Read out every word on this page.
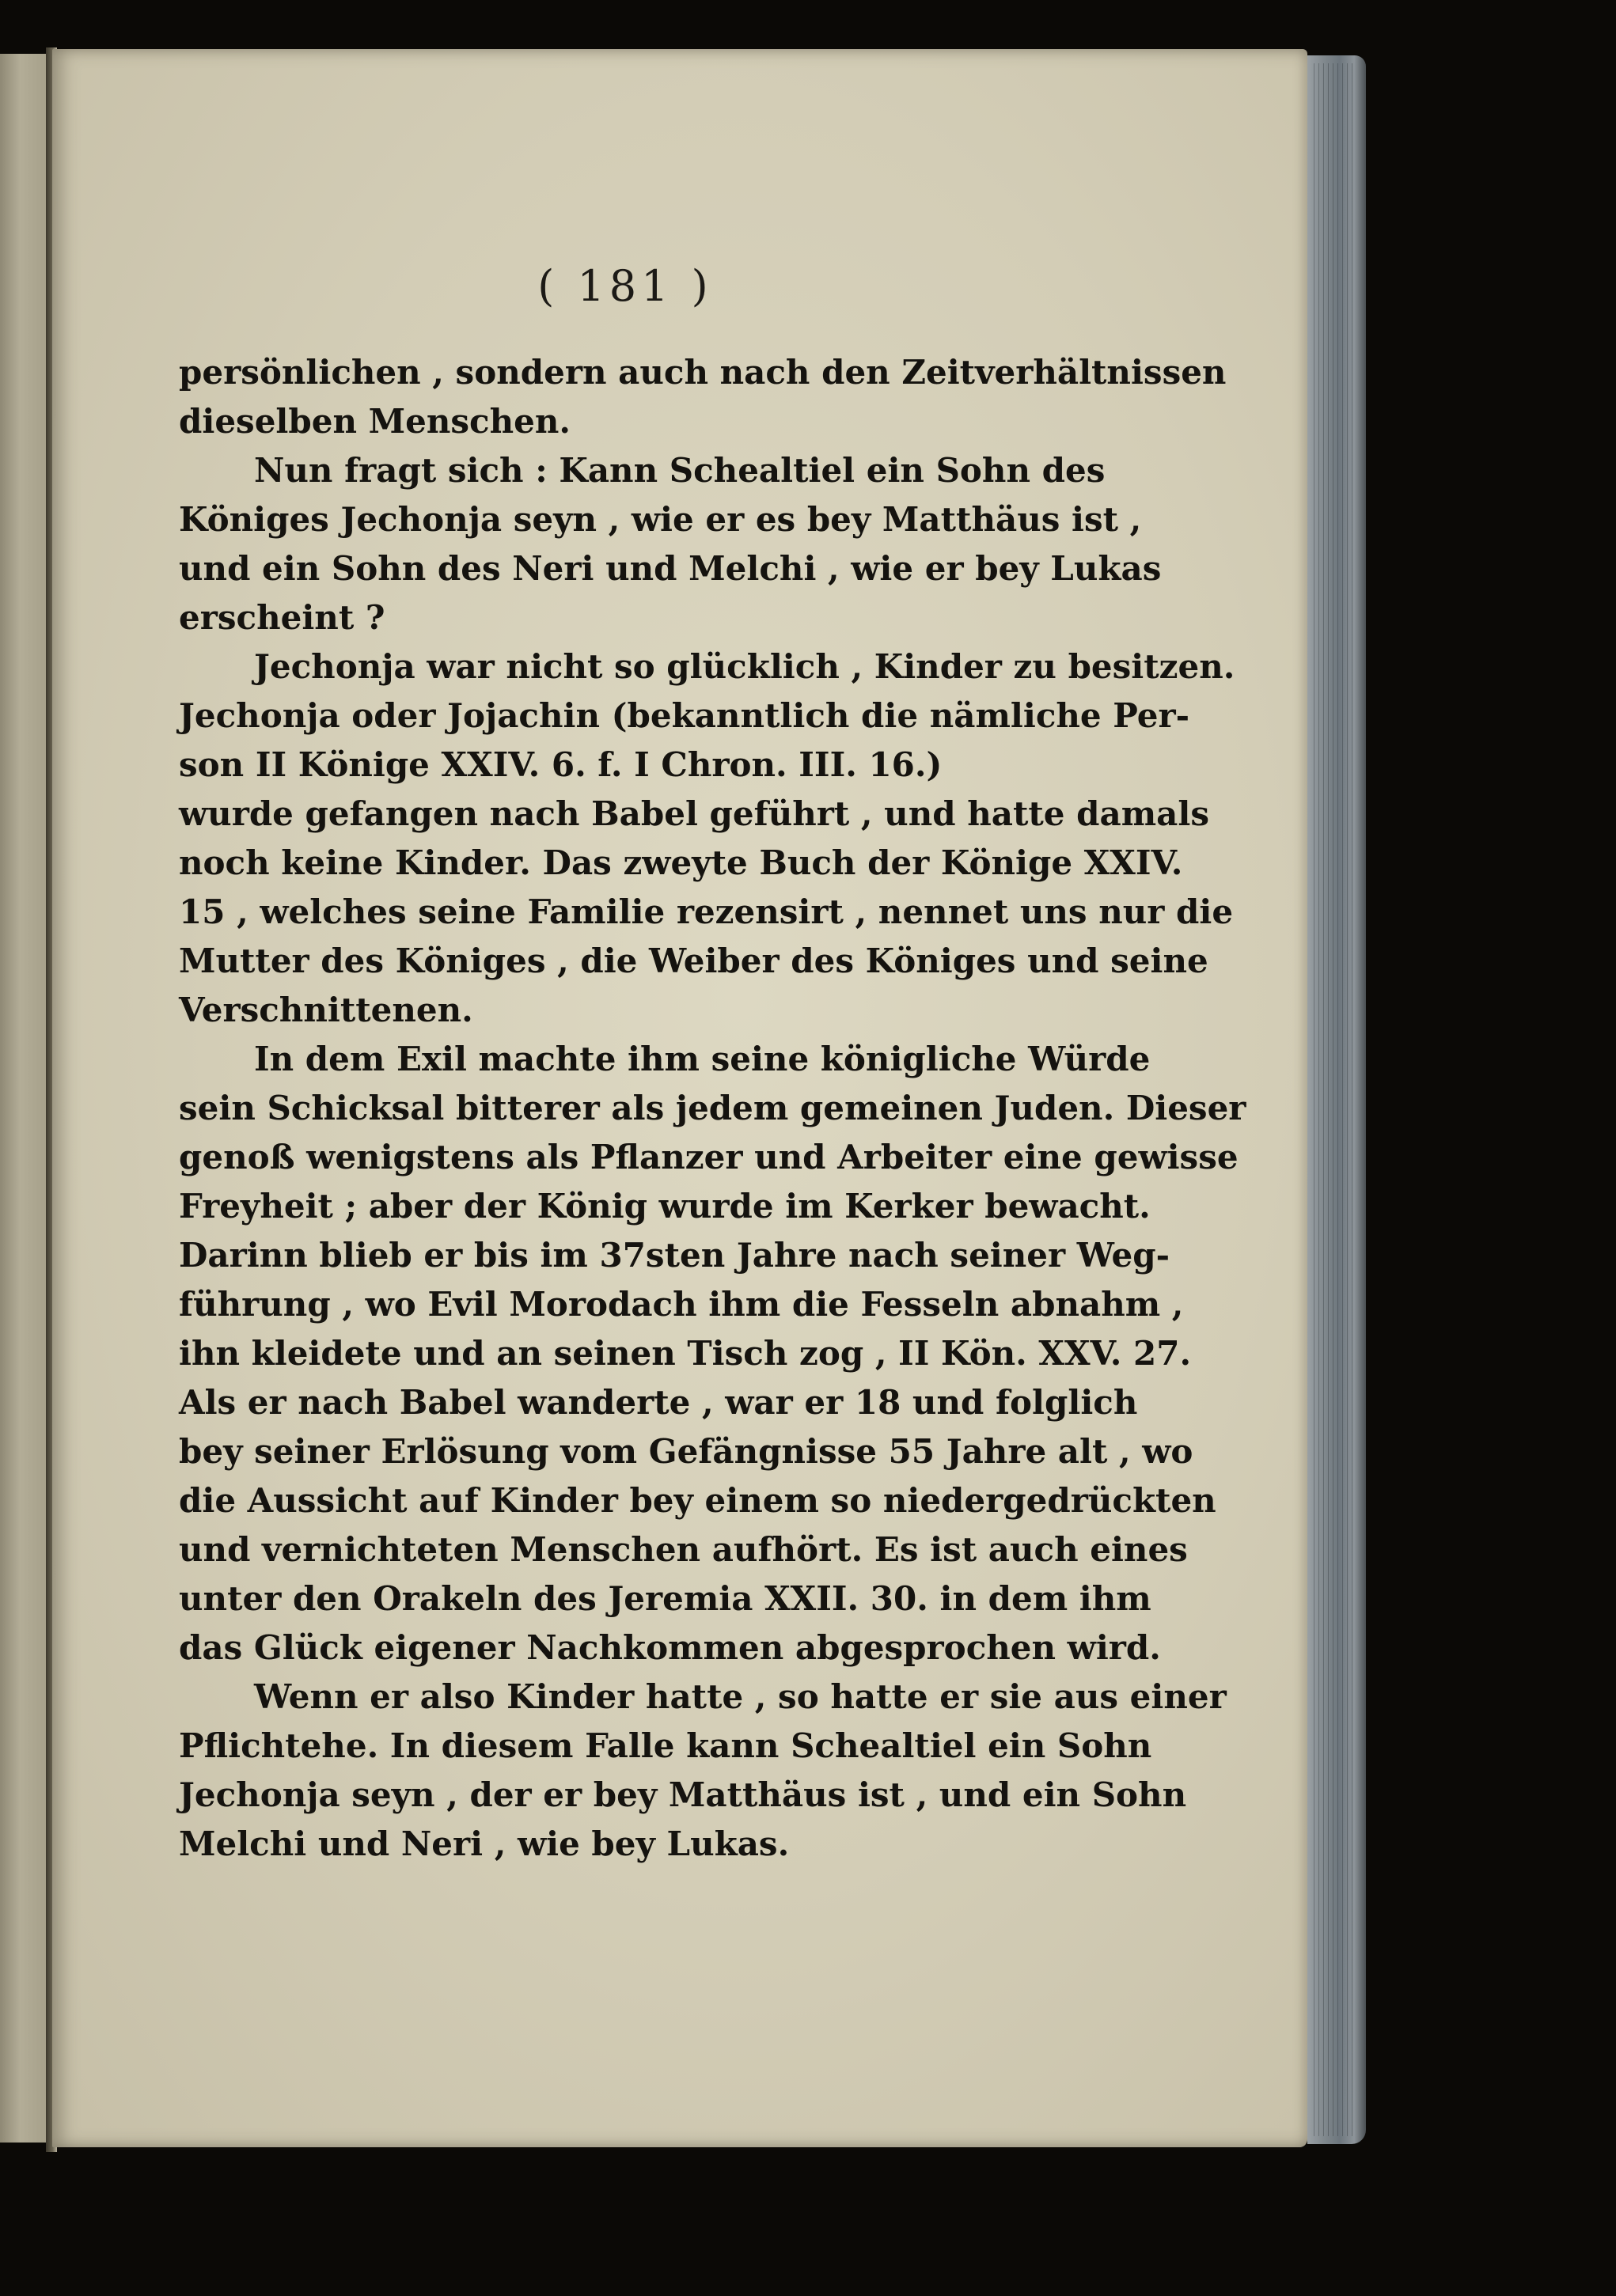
( 181 )
persönlichen , sondern auch nach den Zeitverhältnissen
dieselben Menschen.
Nun fragt sich : Kann Schealtiel ein Sohn des
Königes Jechonja seyn , wie er es bey Matthäus ist ,
und ein Sohn des Neri und Melchi , wie er bey Lukas
erscheint ?
Jechonja war nicht so glücklich , Kinder zu besitzen.
Jechonja oder Jojachin (bekanntlich die nämliche Per-
son II Könige XXIV. 6. f. I Chron. III. 16.)
wurde gefangen nach Babel geführt , und hatte damals
noch keine Kinder. Das zweyte Buch der Könige XXIV.
15 , welches seine Familie rezensirt , nennet uns nur die
Mutter des Königes , die Weiber des Königes und seine
Verschnittenen.
In dem Exil machte ihm seine königliche Würde
sein Schicksal bitterer als jedem gemeinen Juden. Dieser
genoß wenigstens als Pflanzer und Arbeiter eine gewisse
Freyheit ; aber der König wurde im Kerker bewacht.
Darinn blieb er bis im 37sten Jahre nach seiner Weg-
führung , wo Evil Morodach ihm die Fesseln abnahm ,
ihn kleidete und an seinen Tisch zog , II Kön. XXV. 27.
Als er nach Babel wanderte , war er 18 und folglich
bey seiner Erlösung vom Gefängnisse 55 Jahre alt , wo
die Aussicht auf Kinder bey einem so niedergedrückten
und vernichteten Menschen aufhört. Es ist auch eines
unter den Orakeln des Jeremia XXII. 30. in dem ihm
das Glück eigener Nachkommen abgesprochen wird.
Wenn er also Kinder hatte , so hatte er sie aus einer
Pflichtehe. In diesem Falle kann Schealtiel ein Sohn
Jechonja seyn , der er bey Matthäus ist , und ein Sohn
Melchi und Neri , wie bey Lukas.
